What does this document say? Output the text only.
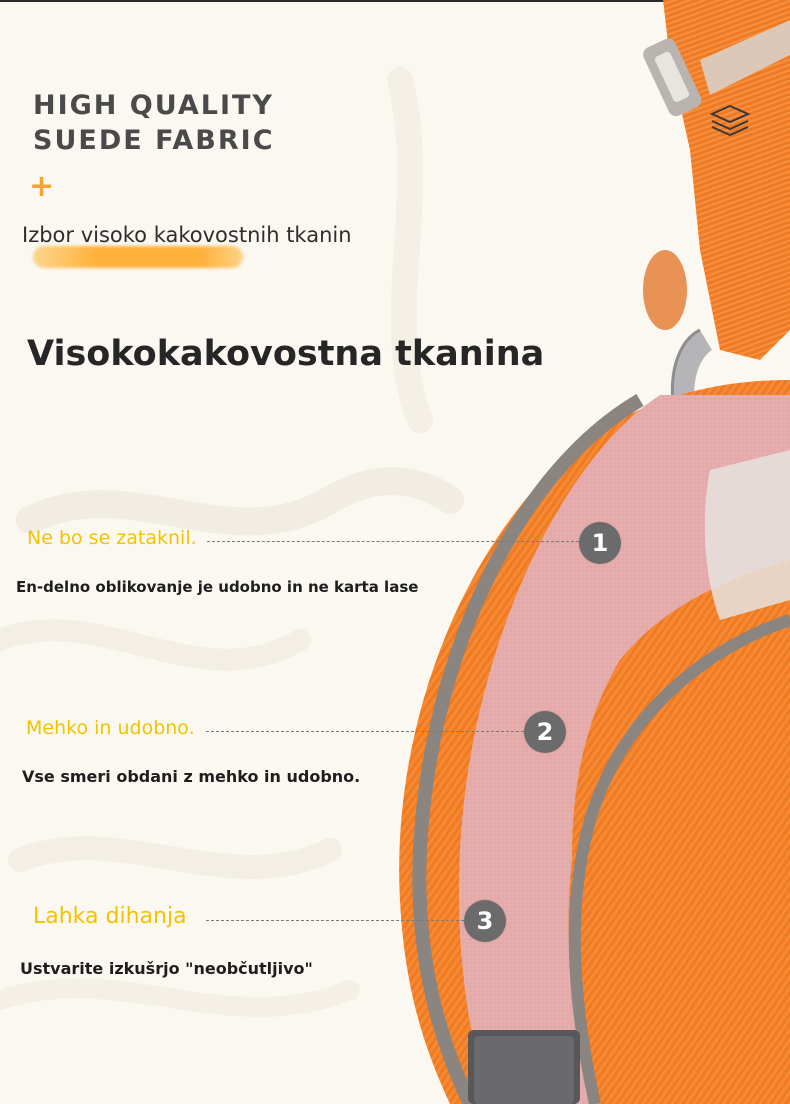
HIGH QUALITY
SUEDE FABRIC
+
Izbor visoko kakovostnih tkanin
Visokokakovostna tkanina
Ne bo se zataknil.	1
En-delno oblikovanje je udobno in ne karta lase
Mehko in udobno.	2
Vse smeri obdani z mehko in udobno.
Lahka dihanja	3
Ustvarite izkušrjo "neobčutljivo"
